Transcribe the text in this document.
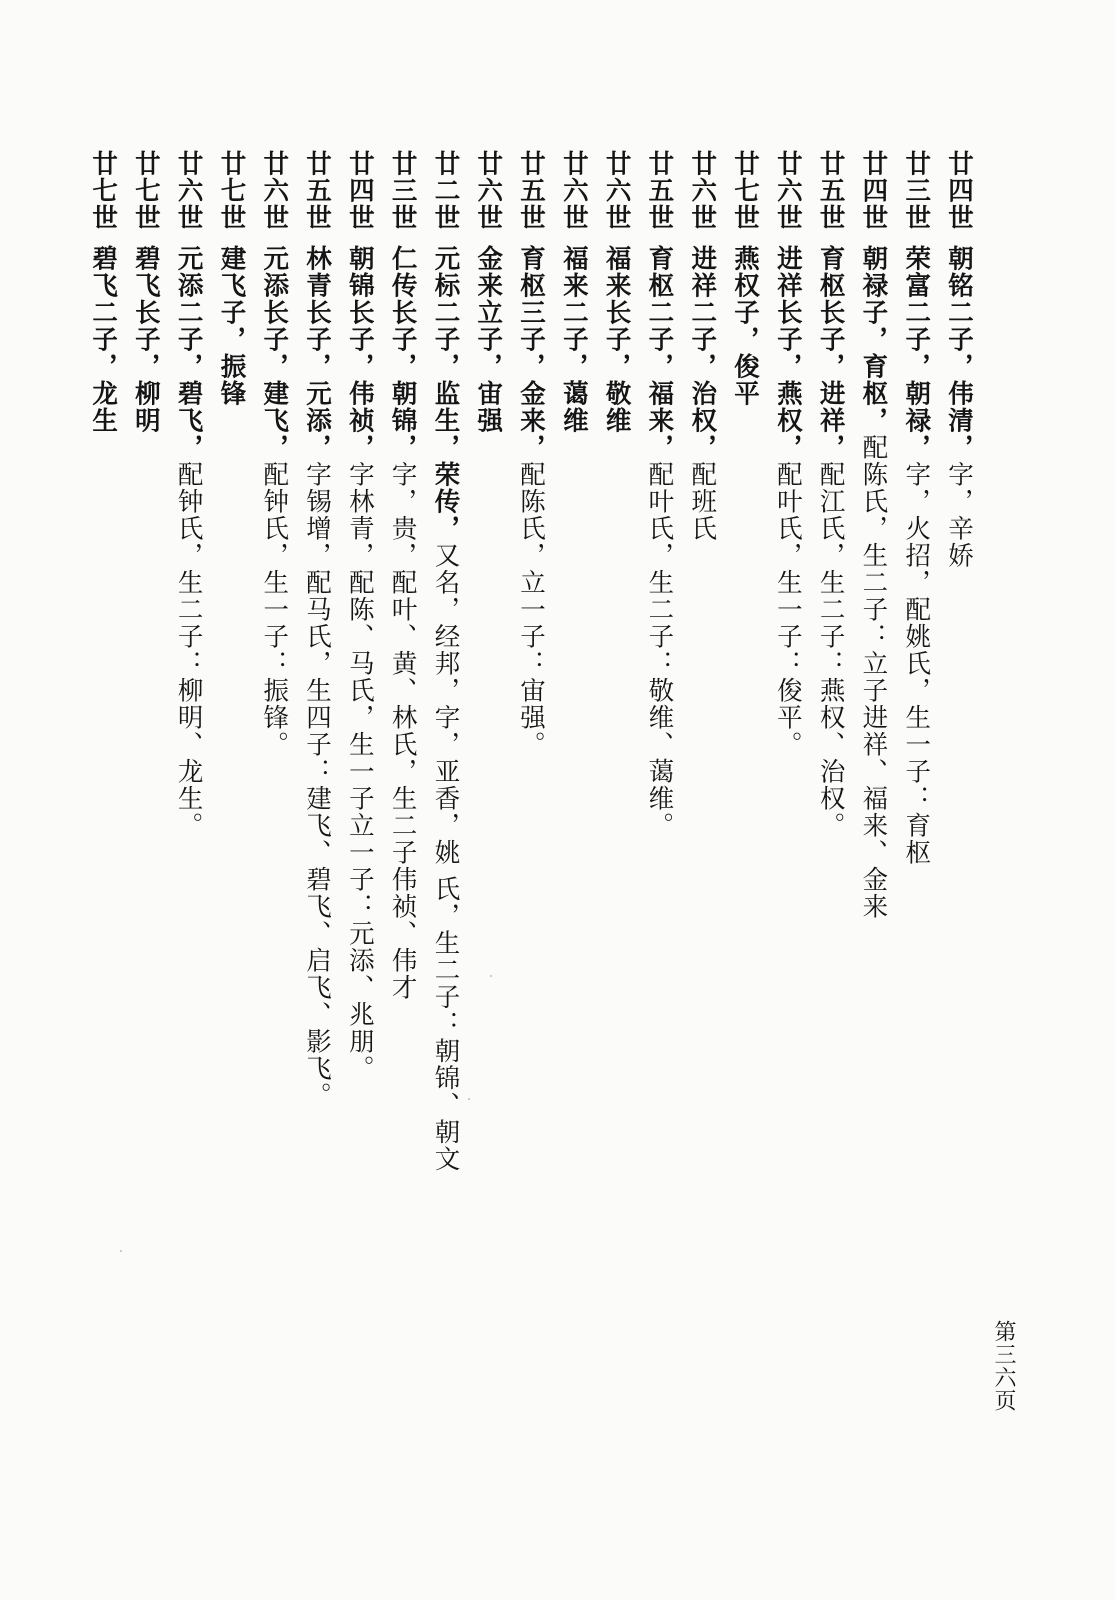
廿四世
朝铭二子，伟清，
字，辛娇
廿三世
荣富二子，朝禄，
字，火招，配姚氏，生一子：育枢
廿四世
朝禄子，育枢，
配陈氏，生二子：立子进祥、福来、金来
廿五世
育枢长子，进祥，
配江氏，生二子：燕权、治权。
廿六世
进祥长子，燕权，
配叶氏，生一子：俊平。
廿七世
燕权子，俊平
廿六世
进祥二子，治权，
配班氏
廿五世
育枢二子，福来，
配叶氏，生二子：敬维、蔼维。
廿六世
福来长子，敬维
廿六世
福来二子，蔼维
廿五世
育枢三子，金来，
配陈氏，立一子：宙强。
廿六世
金来立子，宙强
廿二世
元标二子，监生，荣传，
又名，经邦，字，亚香，姚 氏，生二子：朝锦、朝文
廿三世
仁传长子，朝锦，
字，贵，配叶、黄、林氏，生二子伟祯、伟才
廿四世
朝锦长子，伟祯，
字林青，配陈、马氏，生一子立一子：元添、兆朋。
廿五世
林青长子，元添，
字锡增，配马氏，生四子：建飞、碧飞、启飞、影飞。
廿六世
元添长子，建飞，
配钟氏，生一子：振锋。
廿七世
建飞子，振锋
廿六世
元添二子，碧飞，
配钟氏，生二子：柳明、龙生。
廿七世
碧飞长子，柳明
廿七世
碧飞二子，龙生
第三六页
